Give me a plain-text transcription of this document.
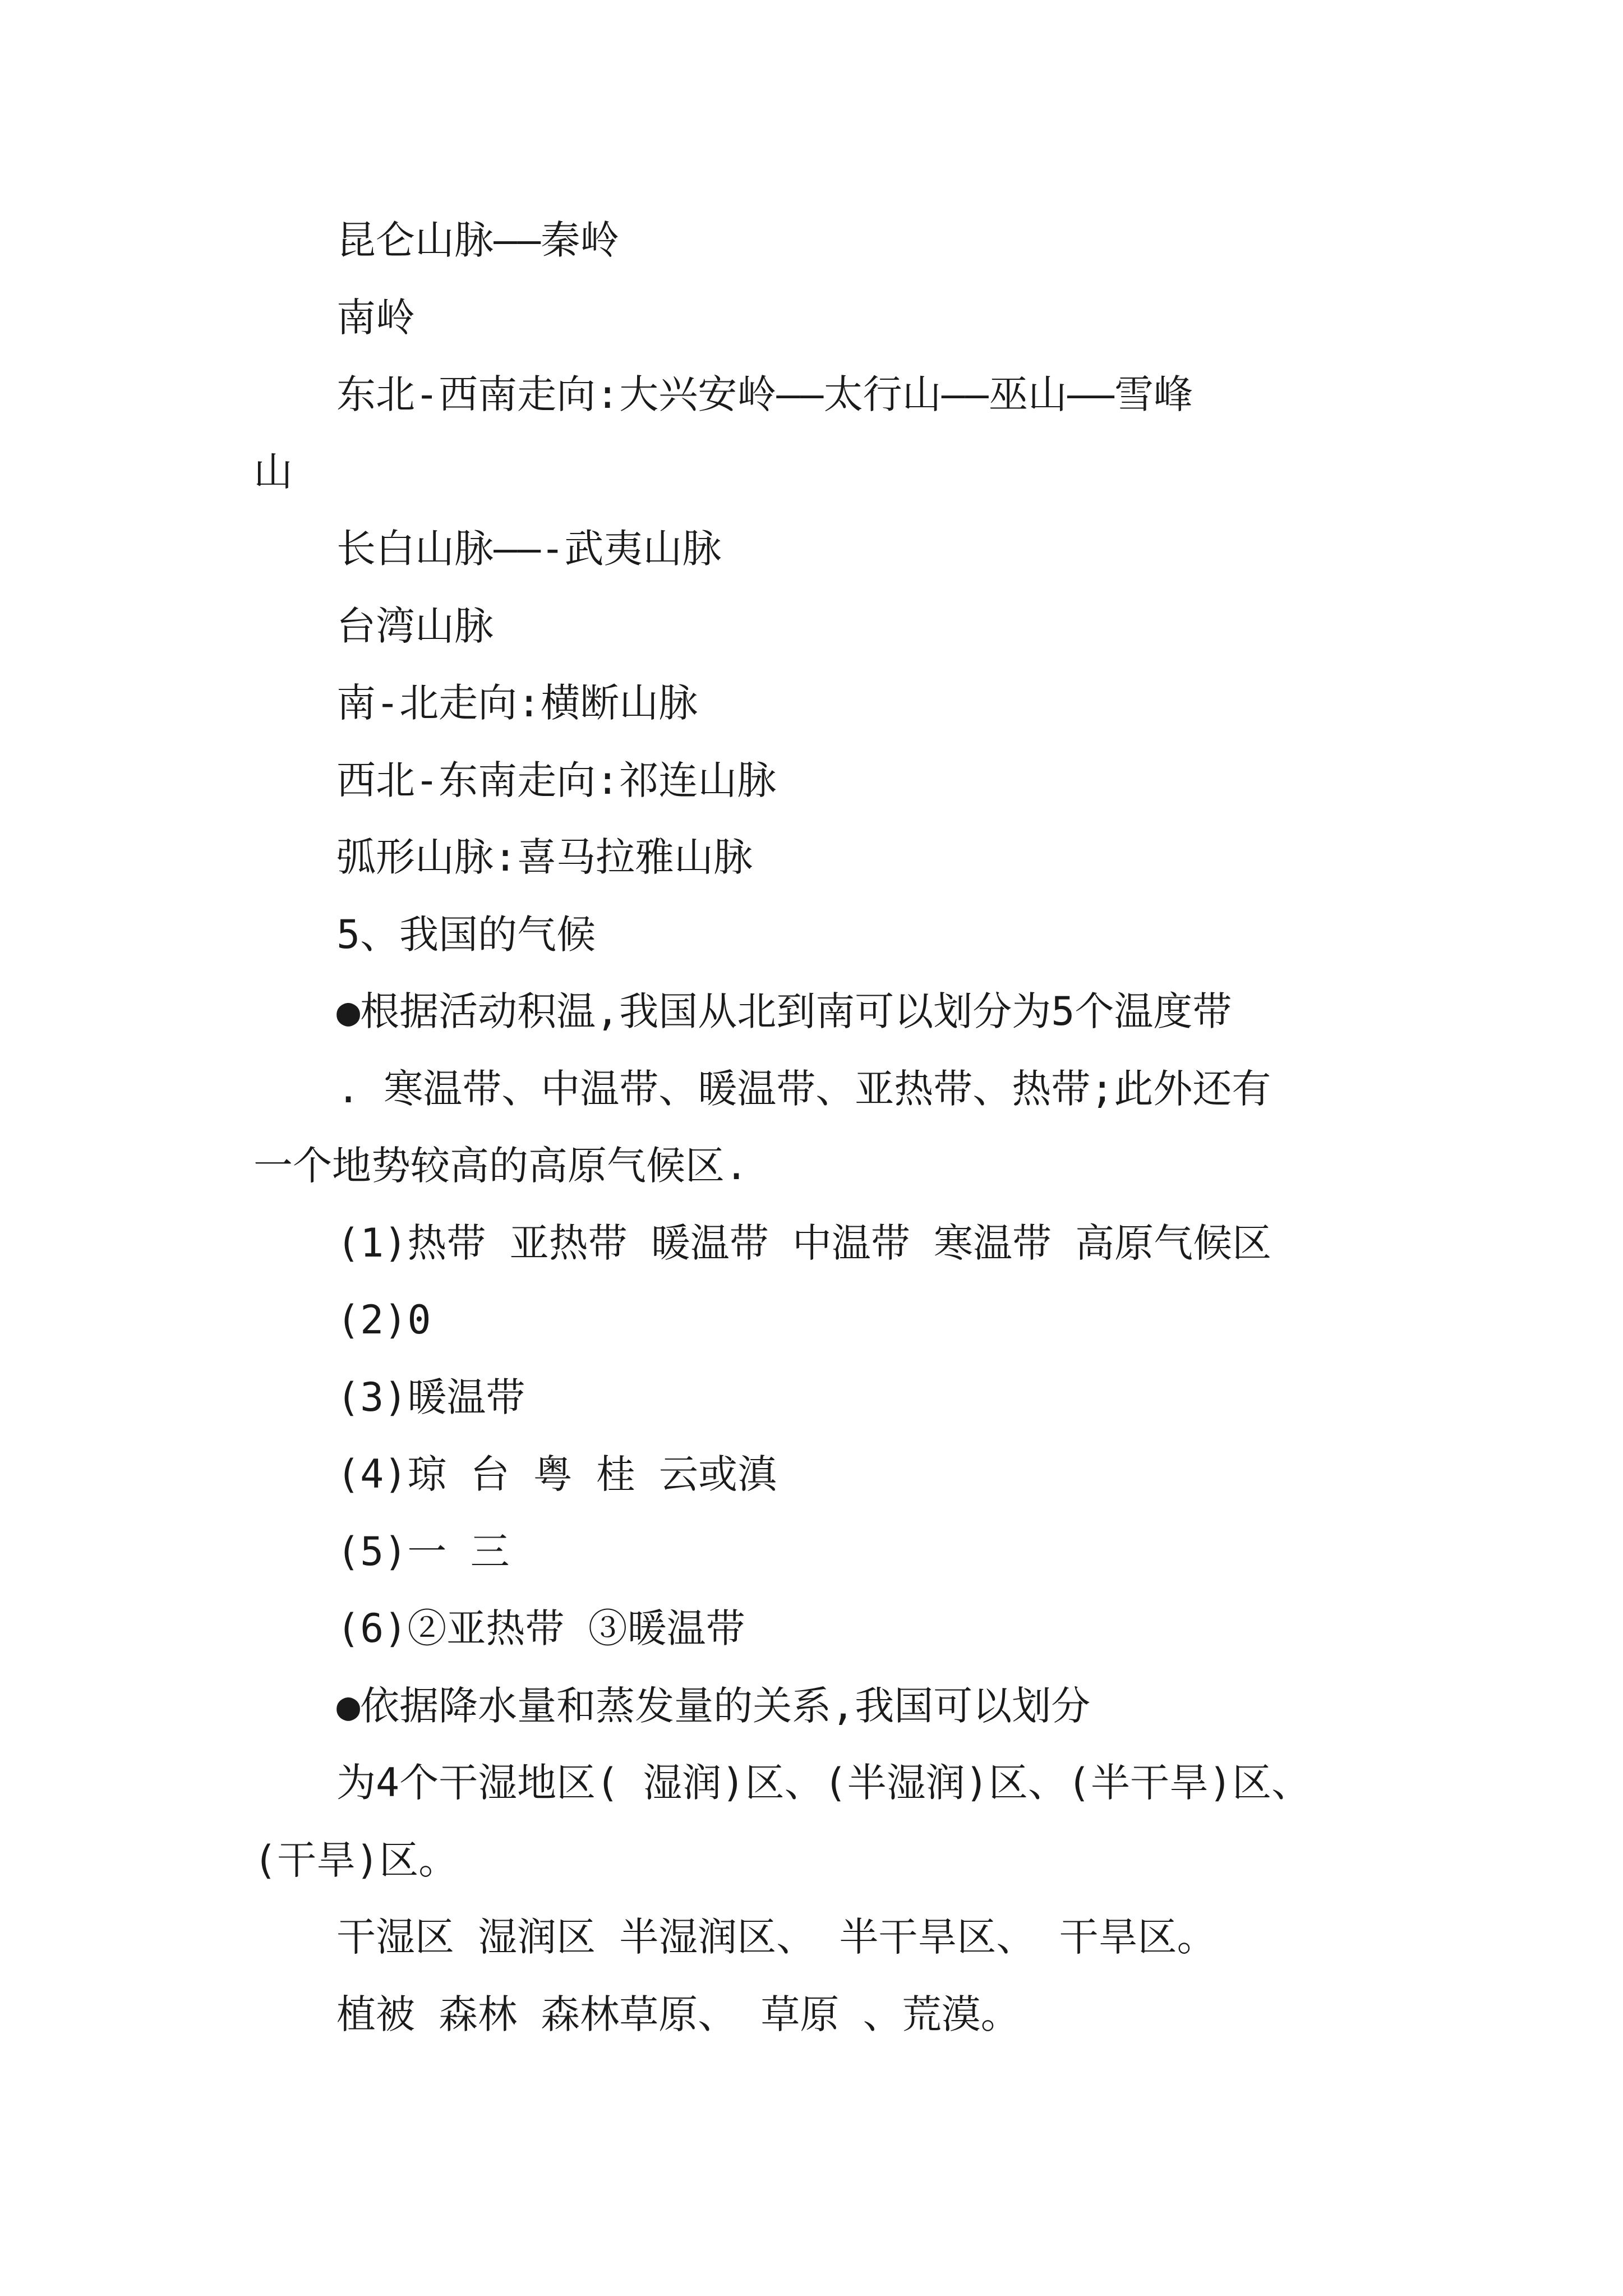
昆仑山脉——秦岭
南岭
东北-西南走向:大兴安岭——太行山——巫山——雪峰
山
长白山脉——-武夷山脉
台湾山脉
南-北走向:横断山脉
西北-东南走向:祁连山脉
弧形山脉:喜马拉雅山脉
5、我国的气候
●根据活动积温,我国从北到南可以划分为5个温度带
. 寒温带、中温带、暖温带、亚热带、热带;此外还有
一个地势较高的高原气候区.
(1)热带 亚热带 暖温带 中温带 寒温带 高原气候区
(2)0
(3)暖温带
(4)琼 台 粤 桂 云或滇
(5)一 三
(6)②亚热带 ③暖温带
●依据降水量和蒸发量的关系,我国可以划分
为4个干湿地区( 湿润)区、(半湿润)区、(半干旱)区、
(干旱)区。
干湿区 湿润区 半湿润区、 半干旱区、 干旱区。
植被 森林 森林草原、 草原 、荒漠。
